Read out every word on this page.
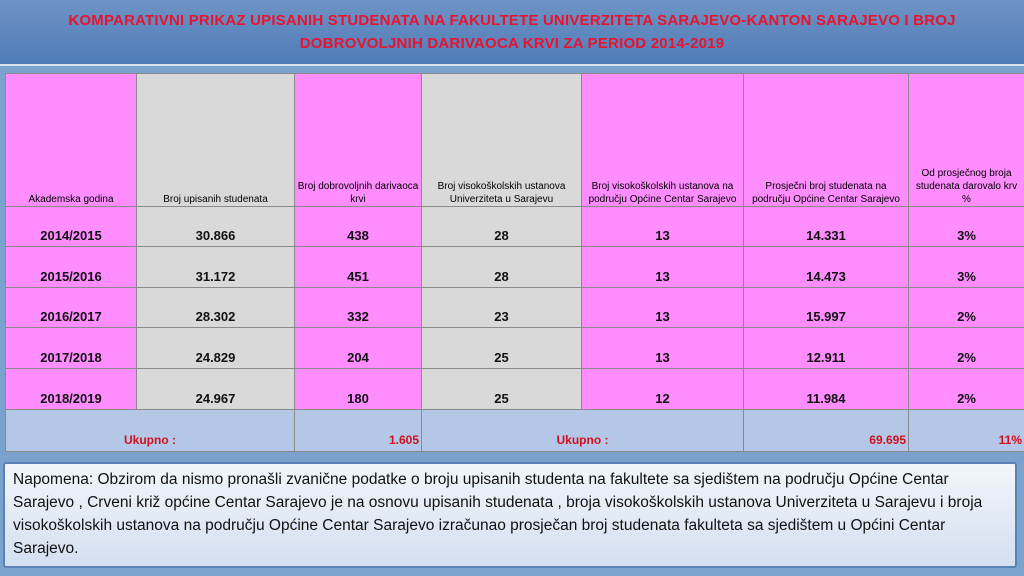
KOMPARATIVNI PRIKAZ UPISANIH STUDENATA NA FAKULTETE UNIVERZITETA SARAJEVO-KANTON SARAJEVO I BROJ
DOBROVOLJNIH DARIVAOCA KRVI ZA PERIOD 2014-2019
Akademska godina	Broj upisanih studenata	Broj dobrovoljnih darivaoca krvi	Broj visokoškolskih ustanova Univerziteta u Sarajevu	Broj visokoškolskih ustanova na području Općine Centar Sarajevo	Prosječni broj studenata na području Općine Centar Sarajevo	Od prosječnog broja studenata darovalo krv %
2014/2015	30.866	438	28	13	14.331	3%
2015/2016	31.172	451	28	13	14.473	3%
2016/2017	28.302	332	23	13	15.997	2%
2017/2018	24.829	204	25	13	12.911	2%
2018/2019	24.967	180	25	12	11.984	2%
Ukupno :		1.605	Ukupno :		69.695	11%
Napomena: Obzirom da nismo pronašli zvanične podatke o broju upisanih studenta na fakultete sa sjedištem na području Općine Centar Sarajevo , Crveni križ općine Centar Sarajevo je na osnovu upisanih studenata , broja visokoškolskih ustanova Univerziteta u Sarajevu i broja visokoškolskih ustanova na području Općine Centar Sarajevo izračunao prosječan broj studenata fakulteta sa sjedištem u Općini Centar Sarajevo.
